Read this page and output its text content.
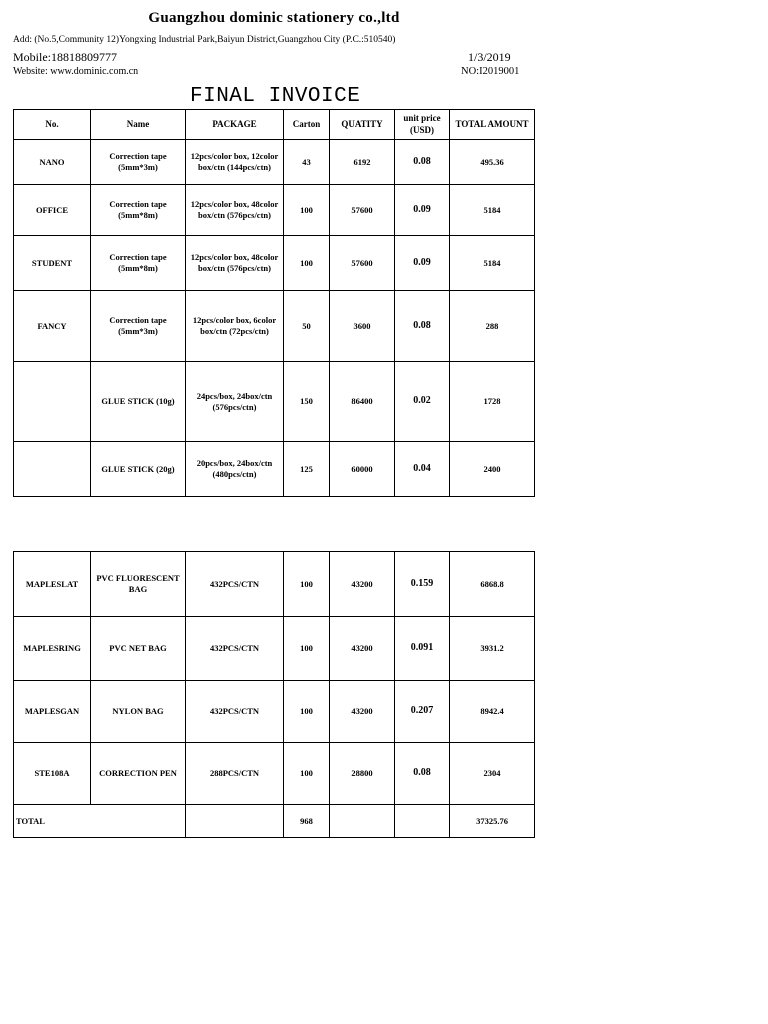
Guangzhou dominic stationery co.,ltd
Add: (No.5,Community 12)Yongxing Industrial Park,Baiyun District,Guangzhou City (P.C.:510540)
Mobile:18818809777	1/3/2019
Website: www.dominic.com.cn	NO:I2019001
FINAL INVOICE
No.	Name	PACKAGE	Carton	QUATITY	unit price (USD)	TOTAL AMOUNT
NANO	Correction tape (5mm*3m)	12pcs/color box, 12color box/ctn (144pcs/ctn)	43	6192	0.08	495.36
OFFICE	Correction tape (5mm*8m)	12pcs/color box, 48color box/ctn (576pcs/ctn)	100	57600	0.09	5184
STUDENT	Correction tape (5mm*8m)	12pcs/color box, 48color box/ctn (576pcs/ctn)	100	57600	0.09	5184
FANCY	Correction tape (5mm*3m)	12pcs/color box, 6color box/ctn (72pcs/ctn)	50	3600	0.08	288
	GLUE STICK (10g)	24pcs/box, 24box/ctn (576pcs/ctn)	150	86400	0.02	1728
	GLUE STICK (20g)	20pcs/box, 24box/ctn (480pcs/ctn)	125	60000	0.04	2400
MAPLESLAT	PVC FLUORESCENT BAG	432PCS/CTN	100	43200	0.159	6868.8
MAPLESRING	PVC NET BAG	432PCS/CTN	100	43200	0.091	3931.2
MAPLESGAN	NYLON BAG	432PCS/CTN	100	43200	0.207	8942.4
STE108A	CORRECTION PEN	288PCS/CTN	100	28800	0.08	2304
TOTAL			968			37325.76
